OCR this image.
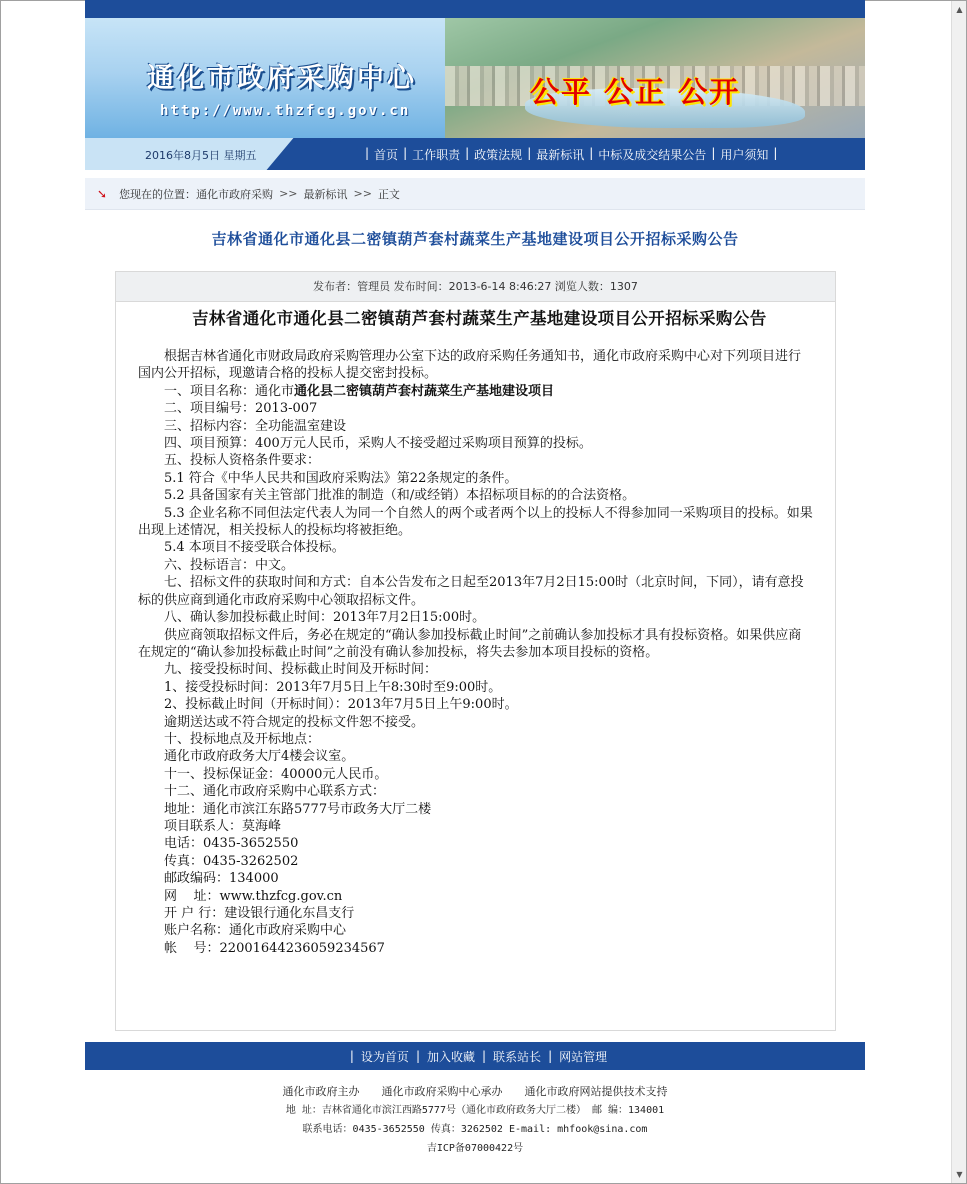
▲
▼
通化市政府采购中心
http://www.thzfcg.gov.cn
公平 公正 公开
2016年8月5日 星期五	| 首页 | 工作职责 | 政策法规 | 最新标讯 | 中标及成交结果公告 | 用户须知 |
➘ 您现在的位置： 通化市政府采购 >> 最新标讯 >> 正文
吉林省通化市通化县二密镇葫芦套村蔬菜生产基地建设项目公开招标采购公告
发布者：管理员 发布时间：2013-6-14 8:46:27 浏览人数：1307
吉林省通化市通化县二密镇葫芦套村蔬菜生产基地建设项目公开招标采购公告

根据吉林省通化市财政局政府采购管理办公室下达的政府采购任务通知书，通化市政府采购中心对下列项目进行国内公开招标，现邀请合格的投标人提交密封投标。

一、项目名称：通化市通化县二密镇葫芦套村蔬菜生产基地建设项目

二、项目编号：2013-007

三、招标内容：全功能温室建设

四、项目预算：400万元人民币，采购人不接受超过采购项目预算的投标。

五、投标人资格条件要求：

5.1 符合《中华人民共和国政府采购法》第22条规定的条件。

5.2 具备国家有关主管部门批准的制造（和/或经销）本招标项目标的的合法资格。

5.3 企业名称不同但法定代表人为同一个自然人的两个或者两个以上的投标人不得参加同一采购项目的投标。如果出现上述情况，相关投标人的投标均将被拒绝。

5.4 本项目不接受联合体投标。

六、投标语言：中文。

七、招标文件的获取时间和方式：自本公告发布之日起至2013年7月2日15:00时（北京时间，下同），请有意投标的供应商到通化市政府采购中心领取招标文件。

八、确认参加投标截止时间：2013年7月2日15:00时。

供应商领取招标文件后，务必在规定的“确认参加投标截止时间”之前确认参加投标才具有投标资格。如果供应商在规定的“确认参加投标截止时间”之前没有确认参加投标，将失去参加本项目投标的资格。

九、接受投标时间、投标截止时间及开标时间：

1、接受投标时间：2013年7月5日上午8:30时至9:00时。

2、投标截止时间（开标时间）：2013年7月5日上午9:00时。

逾期送达或不符合规定的投标文件恕不接受。

十、投标地点及开标地点：

通化市政府政务大厅4楼会议室。

十一、投标保证金：40000元人民币。

十二、通化市政府采购中心联系方式：

地址：通化市滨江东路5777号市政务大厅二楼

项目联系人：莫海峰

电话：0435-3652550

传真：0435-3262502

邮政编码：134000

网    址：www.thzfcg.gov.cn

开 户 行：建设银行通化东昌支行

账户名称：通化市政府采购中心

帐    号：22001644236059234567

| 设为首页 | 加入收藏 | 联系站长 | 网站管理
通化市政府主办 通化市政府采购中心承办 通化市政府网站提供技术支持
地 址：吉林省通化市滨江西路5777号（通化市政府政务大厅二楼） 邮 编：134001
联系电话：0435-3652550 传真：3262502 E-mail: mhfook@sina.com
吉ICP备07000422号
